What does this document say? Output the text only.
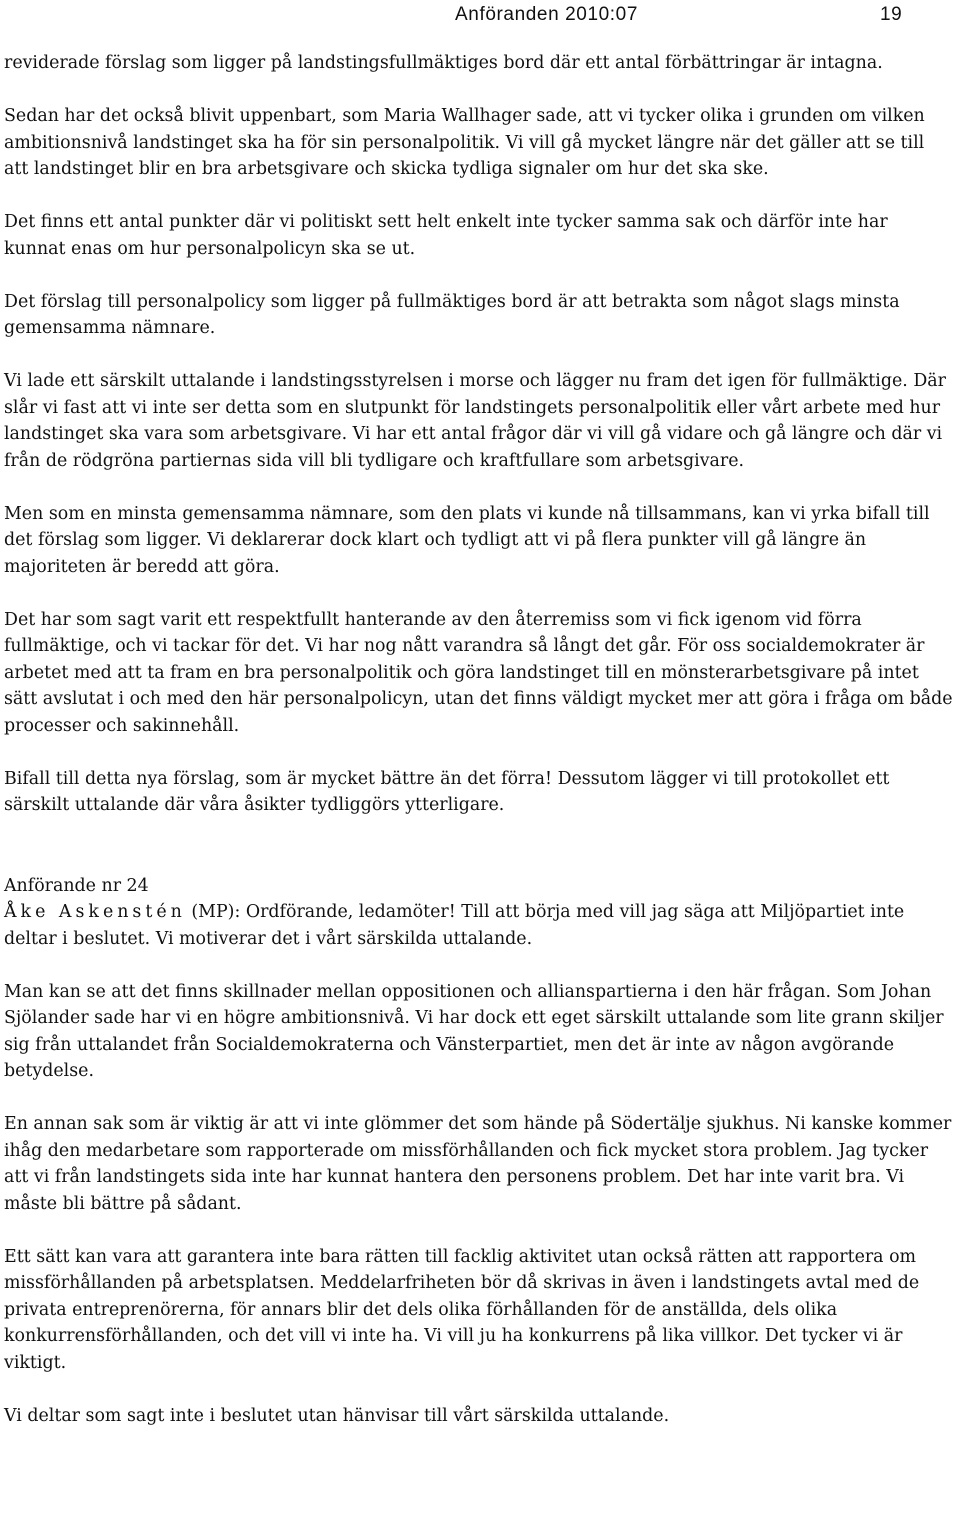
Anföranden 2010:07	19

reviderade förslag som ligger på landstingsfullmäktiges bord där ett antal förbättringar är intagna.

Sedan har det också blivit uppenbart, som Maria Wallhager sade, att vi tycker olika i grunden om vilken ambitionsnivå landstinget ska ha för sin personalpolitik. Vi vill gå mycket längre när det gäller att se till att landstinget blir en bra arbetsgivare och skicka tydliga signaler om hur det ska ske.

Det finns ett antal punkter där vi politiskt sett helt enkelt inte tycker samma sak och därför inte har kunnat enas om hur personalpolicyn ska se ut.

Det förslag till personalpolicy som ligger på fullmäktiges bord är att betrakta som något slags minsta gemensamma nämnare.

Vi lade ett särskilt uttalande i landstingsstyrelsen i morse och lägger nu fram det igen för fullmäktige. Där slår vi fast att vi inte ser detta som en slutpunkt för landstingets personalpolitik eller vårt arbete med hur landstinget ska vara som arbetsgivare. Vi har ett antal frågor där vi vill gå vidare och gå längre och där vi från de rödgröna partiernas sida vill bli tydligare och kraftfullare som arbetsgivare.

Men som en minsta gemensamma nämnare, som den plats vi kunde nå tillsammans, kan vi yrka bifall till det förslag som ligger. Vi deklarerar dock klart och tydligt att vi på flera punkter vill gå längre än majoriteten är beredd att göra.

Det har som sagt varit ett respektfullt hanterande av den återremiss som vi fick igenom vid förra fullmäktige, och vi tackar för det. Vi har nog nått varandra så långt det går. För oss socialdemokrater är arbetet med att ta fram en bra personalpolitik och göra landstinget till en mönsterarbetsgivare på intet sätt avslutat i och med den här personalpolicyn, utan det finns väldigt mycket mer att göra i fråga om både processer och sakinnehåll.

Bifall till detta nya förslag, som är mycket bättre än det förra! Dessutom lägger vi till protokollet ett särskilt uttalande där våra åsikter tydliggörs ytterligare.

Anförande nr 24

Åke Askenstén (MP): Ordförande, ledamöter! Till att börja med vill jag säga att Miljöpartiet inte deltar i beslutet. Vi motiverar det i vårt särskilda uttalande.

Man kan se att det finns skillnader mellan oppositionen och allianspartierna i den här frågan. Som Johan Sjölander sade har vi en högre ambitionsnivå. Vi har dock ett eget särskilt uttalande som lite grann skiljer sig från uttalandet från Socialdemokraterna och Vänsterpartiet, men det är inte av någon avgörande betydelse.

En annan sak som är viktig är att vi inte glömmer det som hände på Södertälje sjukhus. Ni kanske kommer ihåg den medarbetare som rapporterade om missförhållanden och fick mycket stora problem. Jag tycker att vi från landstingets sida inte har kunnat hantera den personens problem. Det har inte varit bra. Vi måste bli bättre på sådant.

Ett sätt kan vara att garantera inte bara rätten till facklig aktivitet utan också rätten att rapportera om missförhållanden på arbetsplatsen. Meddelarfriheten bör då skrivas in även i landstingets avtal med de privata entreprenörerna, för annars blir det dels olika förhållanden för de anställda, dels olika konkurrensförhållanden, och det vill vi inte ha. Vi vill ju ha konkurrens på lika villkor. Det tycker vi är viktigt.

Vi deltar som sagt inte i beslutet utan hänvisar till vårt särskilda uttalande.
